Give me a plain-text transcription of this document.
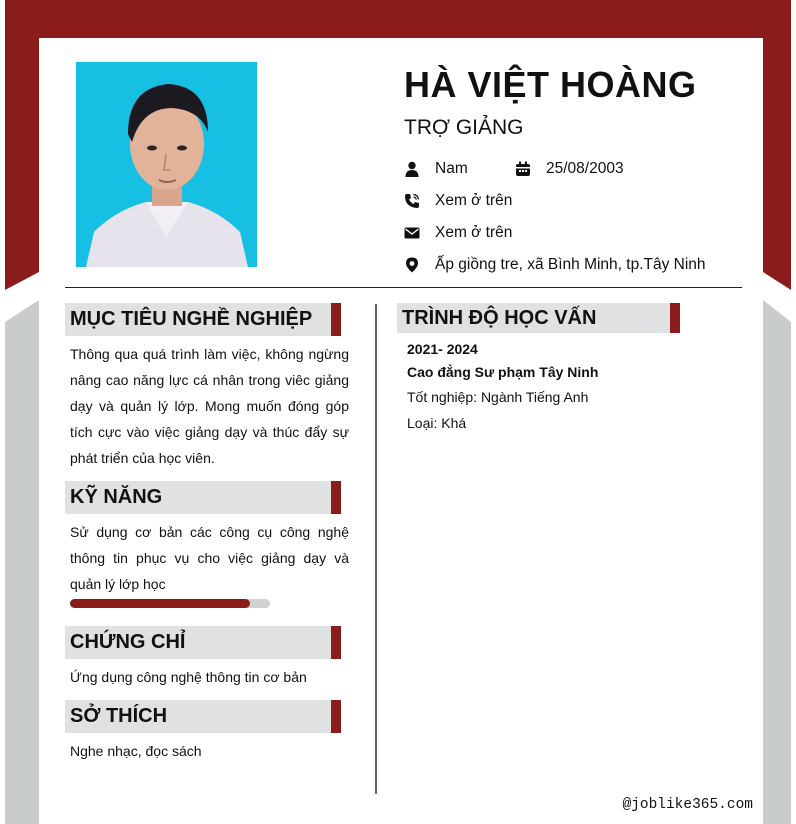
HÀ VIỆT HOÀNG
TRỢ GIẢNG
Nam	25/08/2003
Xem ở trên
Xem ở trên
Ấp giồng tre, xã Bình Minh, tp.Tây Ninh
MỤC TIÊU NGHỀ NGHIỆP
Thông qua quá trình làm việc, không ngừng nâng cao năng lực cá nhân trong viêc giảng dạy và quản lý lớp. Mong muốn đóng góp tích cực vào việc giảng dạy và thúc đẩy sự phát triển của học viên.
KỸ NĂNG
Sử dụng cơ bản các công cụ công nghệ thông tin phục vụ cho việc giảng dạy và quản lý lớp học
CHỨNG CHỈ
Ứng dụng công nghệ thông tin cơ bản
SỞ THÍCH
Nghe nhạc, đọc sách
TRÌNH ĐỘ HỌC VẤN
2021- 2024
Cao đẳng Sư phạm Tây Ninh
Tốt nghiệp: Ngành Tiếng Anh
Loại: Khá
@joblike365.com
